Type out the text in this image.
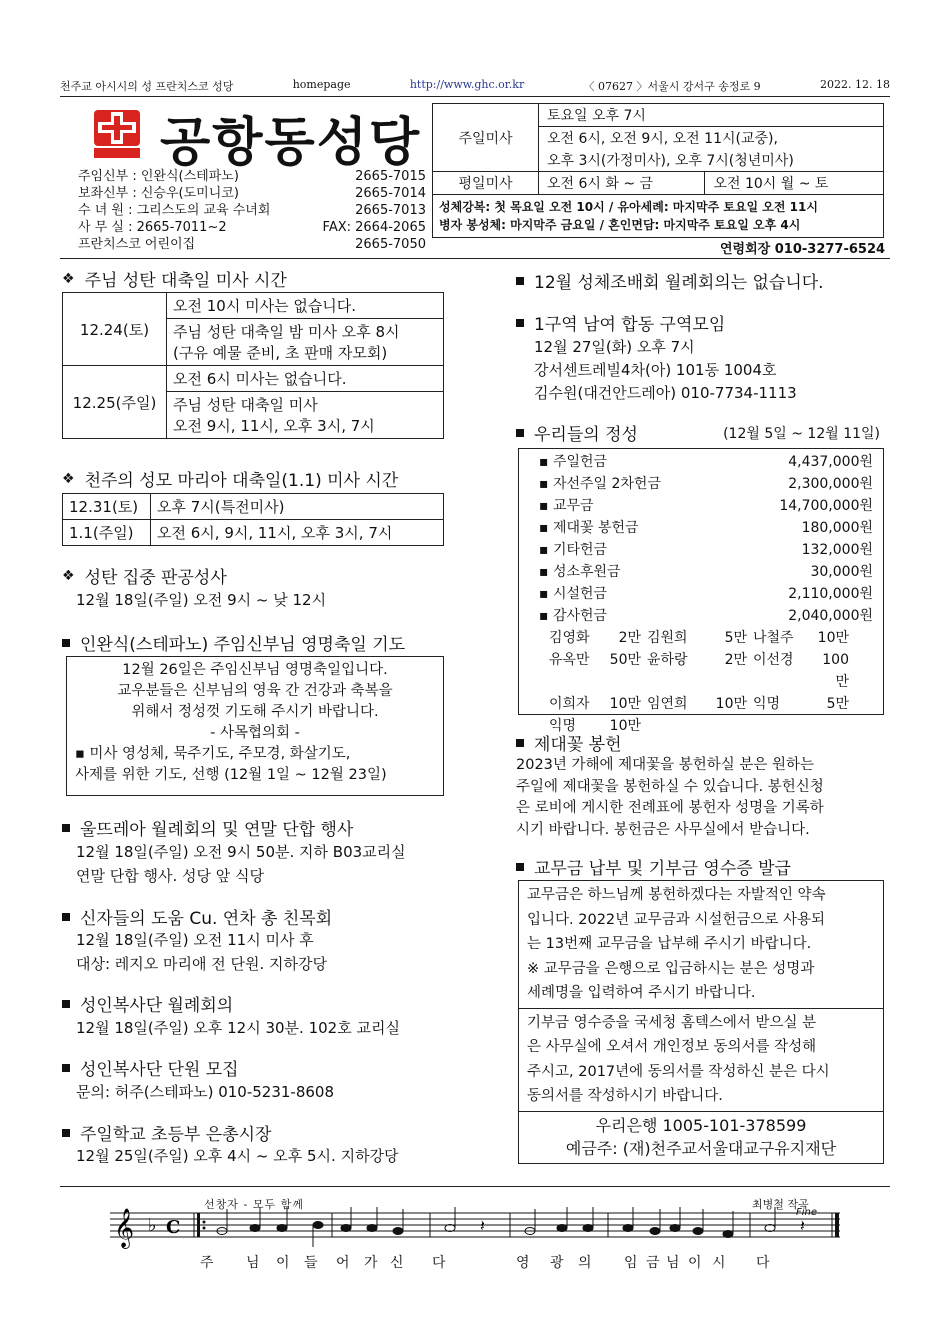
천주교 아시시의 성 프란치스코 성당	homepage	http://www.ghc.or.kr	〈 07627 〉서울시 강서구 송정로 9	2022. 12. 18
공항동성당
주임신부 : 인완식(스테파노)	2665-7015
보좌신부 : 신승우(도미니코)	2665-7014
수 녀 원 : 그리스도의 교육 수녀회	2665-7013
사 무 실 : 2665-7011~2	FAX: 2664-2065
프란치스코 어린이집	2665-7050
주일미사	토요일 오후 7시	
	오전 6시, 오전 9시, 오전 11시(교중),	
	오후 3시(가정미사), 오후 7시(청년미사)	
평일미사	오전 6시 화 ~ 금	오전 10시 월 ~ 토
성체강복: 첫 목요일 오전 10시 / 유아세례: 마지막주 토요일 오전 11시
병자 봉성체: 마지막주 금요일 / 혼인면담: 마지막주 토요일 오후 4시
연령회장 010-3277-6524
❖ 주님 성탄 대축일 미사 시간
12.24(토)	오전 10시 미사는 없습니다.

	주님 성탄 대축일 밤 미사 오후 8시
(구유 예물 준비, 초 판매 자모회)

12.25(주일)	오전 6시 미사는 없습니다.

	주님 성탄 대축일 미사
오전 9시, 11시, 오후 3시, 7시
❖ 천주의 성모 마리아 대축일(1.1) 미사 시간
12.31(토)	오후 7시(특전미사)
1.1(주일)	오전 6시, 9시, 11시, 오후 3시, 7시
❖ 성탄 집중 판공성사
12월 18일(주일) 오전 9시 ~ 낮 12시
인완식(스테파노) 주임신부님 영명축일 기도
12월 26일은 주임신부님 영명축일입니다.
교우분들은 신부님의 영육 간 건강과 축복을
위해서 정성껏 기도해 주시기 바랍니다.
- 사목협의회 -
▪ 미사 영성체, 묵주기도, 주모경, 화살기도,
사제를 위한 기도, 선행 (12월 1일 ~ 12월 23일)
울뜨레아 월례회의 및 연말 단합 행사
12월 18일(주일) 오전 9시 50분. 지하 B03교리실
연말 단합 행사. 성당 앞 식당
신자들의 도움 Cu. 연차 총 친목회
12월 18일(주일) 오전 11시 미사 후
대상: 레지오 마리애 전 단원. 지하강당
성인복사단 월례회의
12월 18일(주일) 오후 12시 30분. 102호 교리실
성인복사단 단원 모집
문의: 허주(스테파노) 010-5231-8608
주일학교 초등부 은총시장
12월 25일(주일) 오후 4시 ~ 오후 5시. 지하강당
12월 성체조배회 월례회의는 없습니다.
1구역 남여 합동 구역모임
12월 27일(화) 오후 7시
강서센트레빌4차(아) 101동 1004호
김수원(대건안드레아) 010-7734-1113
우리들의 정성	(12월 5일 ~ 12월 11일)
▪ 주일헌금	4,437,000원
▪ 자선주일 2차헌금	2,300,000원
▪ 교무금	14,700,000원
▪ 제대꽃 봉헌금	180,000원
▪ 기타헌금	132,000원
▪ 성소후원금	30,000원
▪ 시설헌금	2,110,000원
▪ 감사헌금	2,040,000원
김영화	2만 김원희	5만 나철주	10만
유옥만	50만 윤하랑	2만 이선경	100만
이희자	10만 임연희	10만 익명	5만
익명	10만
제대꽃 봉헌
2023년 가해에 제대꽃을 봉헌하실 분은 원하는
주일에 제대꽃을 봉헌하실 수 있습니다. 봉헌신청
은 로비에 게시한 전례표에 봉헌자 성명을 기록하
시기 바랍니다. 봉헌금은 사무실에서 받습니다.
교무금 납부 및 기부금 영수증 발급
교무금은 하느님께 봉헌하겠다는 자발적인 약속
입니다. 2022년 교무금과 시설헌금으로 사용되
는 13번째 교무금을 납부해 주시기 바랍니다.
※ 교무금을 은행으로 입금하시는 분은 성명과
세례명을 입력하여 주시기 바랍니다.
기부금 영수증을 국세청 홈텍스에서 받으실 분
은 사무실에 오셔서 개인정보 동의서를 작성해
주시고, 2017년에 동의서를 작성하신 분은 다시
동의서를 작성하시기 바랍니다.
우리은행 1005-101-378599
예금주: (재)천주교서울대교구유지재단
선창자 - 모두 함께	최병철 작곡
Fine
𝄞 ♭ C	𝄽	𝄽
주 님 이 들 어 가 신 다	영 광 의 임 금 님 이 시 다
